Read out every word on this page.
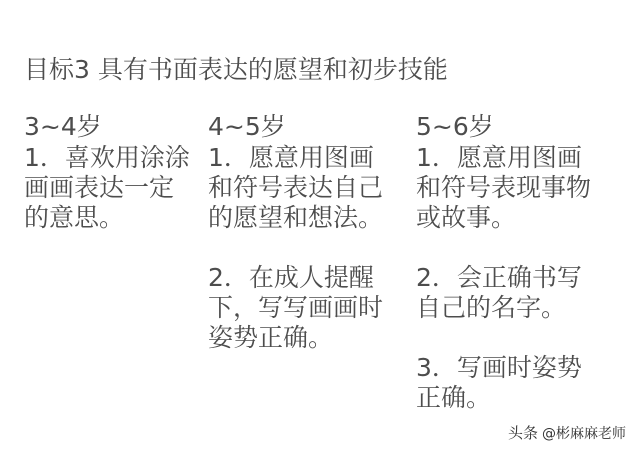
目标3 具有书面表达的愿望和初步技能
3~4岁
1．喜欢用涂涂
画画表达一定
的意思。
4~5岁
1．愿意用图画
和符号表达自己
的愿望和想法。
2．在成人提醒
下，写写画画时
姿势正确。
5~6岁
1．愿意用图画
和符号表现事物
或故事。
2．会正确书写
自己的名字。
3．写画时姿势
正确。
头条 @彬麻麻老师
